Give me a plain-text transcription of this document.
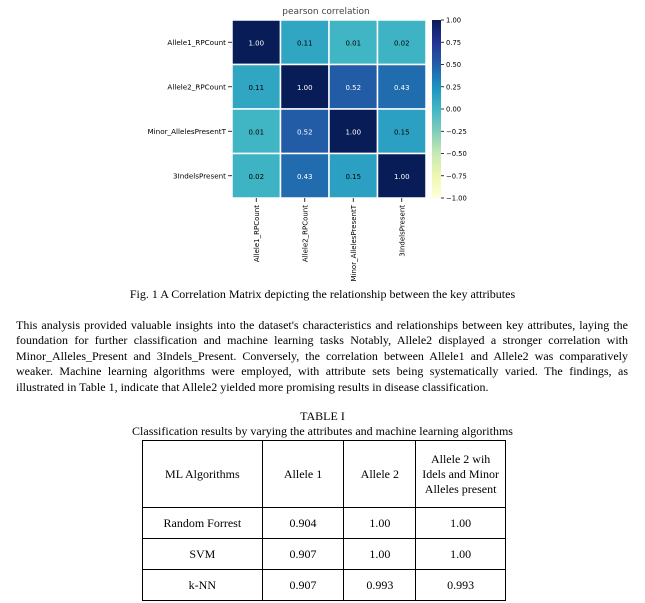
pearson correlation
1.00	0.11	0.01	0.02
0.11	1.00	0.52	0.43
0.01	0.52	1.00	0.15
0.02	0.43	0.15	1.00
Allele1_RPCount
Allele2_RPCount
Minor_AllelesPresentT
3IndelsPresent
Allele1_RPCount	Allele2_RPCount	Minor_AllelesPresentT	3IndelsPresent
1.00
0.75
0.50
0.25
0.00
−0.25
−0.50
−0.75
−1.00
Fig. 1 A Correlation Matrix depicting the relationship between the key attributes

This analysis provided valuable insights into the dataset's characteristics and relationships between key attributes, laying the foundation for further classification and machine learning tasks Notably, Allele2 displayed a stronger correlation with Minor_Alleles_Present and 3Indels_Present. Conversely, the correlation between Allele1 and Allele2 was comparatively weaker. Machine learning algorithms were employed, with attribute sets being systematically varied. The findings, as illustrated in Table 1, indicate that Allele2 yielded more promising results in disease classification.

TABLE I
Classification results by varying the attributes and machine learning algorithms
ML Algorithms	Allele 1	Allele 2	Allele 2 wih Idels and Minor Alleles present
Random Forrest	0.904	1.00	1.00
SVM	0.907	1.00	1.00
k-NN	0.907	0.993	0.993
